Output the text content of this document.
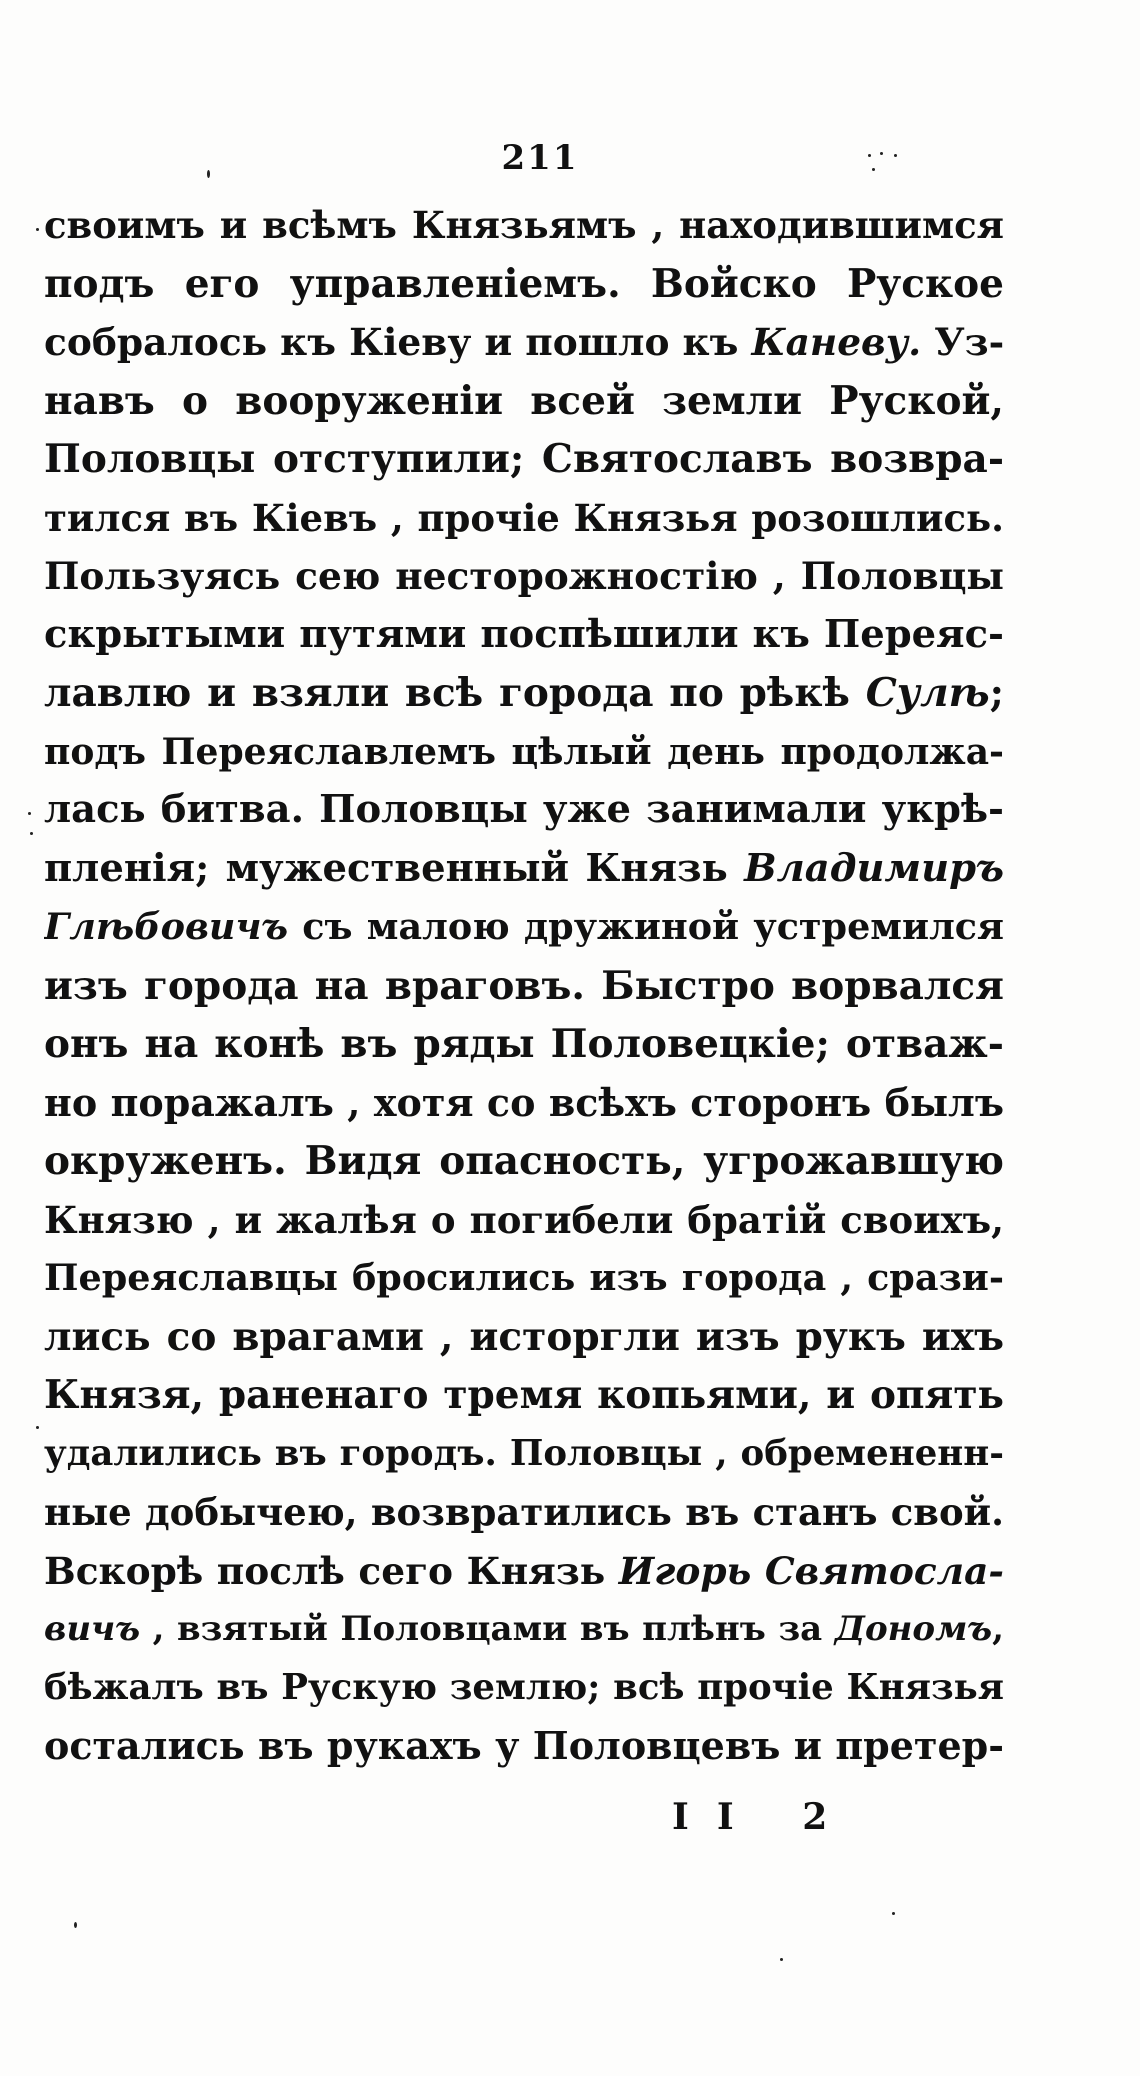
211
своимъ и всѣмъ Князьямъ , находившимся
подъ его управленіемъ. Войско Руское
собралось къ Кіеву и пошло къ Каневу. Уз-
навъ о вооруженіи всей земли Руской,
Половцы отступили; Святославъ возвра-
тился въ Кіевъ , прочіе Князья розошлись.
Пользуясь сею несторожностію , Половцы
скрытыми путями поспѣшили къ Переяс-
лавлю и взяли всѣ города по рѣкѣ Сулѣ;
подъ Переяславлемъ цѣлый день продолжа-
лась битва. Половцы уже занимали укрѣ-
пленія; мужественный Князь Владимиръ
Глѣбовичъ съ малою дружиной устремился
изъ города на враговъ. Быстро ворвался
онъ на конѣ въ ряды Половецкіе; отваж-
но поражалъ , хотя со всѣхъ сторонъ былъ
окруженъ. Видя опасность, угрожавшую
Князю , и жалѣя о погибели братій своихъ,
Переяславцы бросились изъ города , срази-
лись со врагами , исторгли изъ рукъ ихъ
Князя, раненаго тремя копьями, и опять
удалились въ городъ. Половцы , обремененн-
ные добычею, возвратились въ станъ свой.
Вскорѣ послѣ сего Князь Игорь Святосла-
вичъ , взятый Половцами въ плѣнъ за Дономъ,
бѣжалъ въ Рускую землю; всѣ прочіе Князья
остались въ рукахъ у Половцевъ и претер-
II 2
